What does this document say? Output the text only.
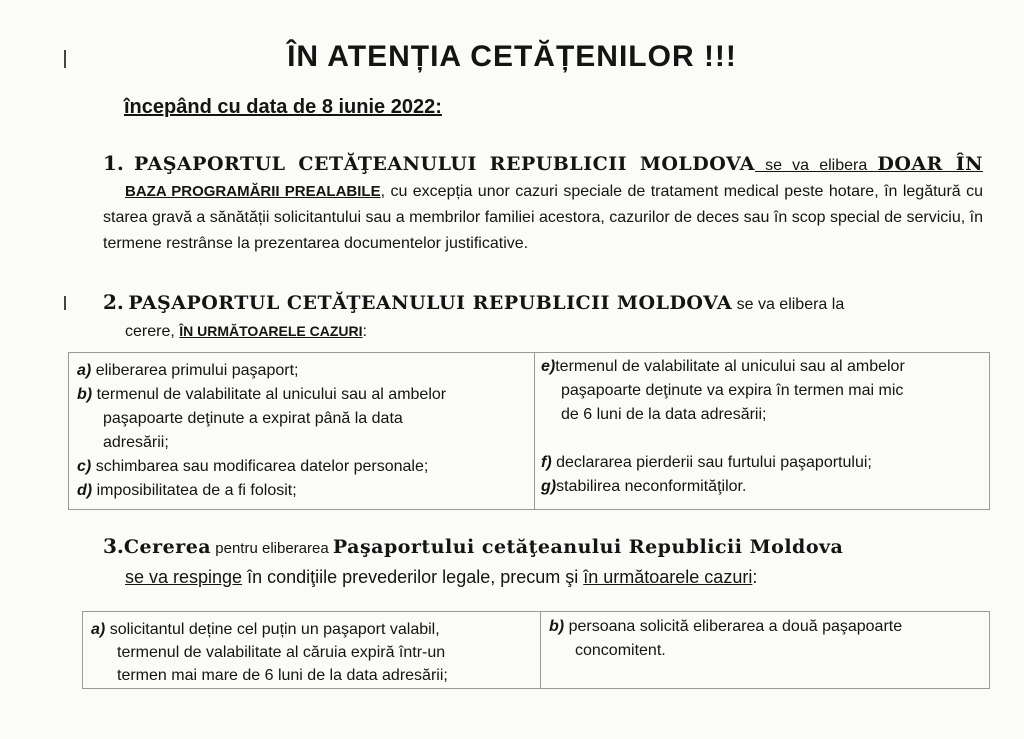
ÎN ATENȚIA CETĂȚENILOR !!!
începând cu data de 8 iunie 2022:
1. PAŞAPORTUL CETĂŢEANULUI REPUBLICII MOLDOVA se va elibera DOAR ÎN BAZA PROGRAMĂRII PREALABILE, cu excepția unor cazuri speciale de tratament medical peste hotare, în legătură cu starea gravă a sănătății solicitantului sau a membrilor familiei acestora, cazurilor de deces sau în scop special de serviciu, în termene restrânse la prezentarea documentelor justificative.
2. PAŞAPORTUL CETĂŢEANULUI REPUBLICII MOLDOVA se va elibera la
cerere, ÎN URMĂTOARELE CAZURI:
a) eliberarea primului paşaport;
b) termenul de valabilitate al unicului sau al ambelor
paşapoarte deţinute a expirat până la data
adresării;
c) schimbarea sau modificarea datelor personale;
d) imposibilitatea de a fi folosit;
e)termenul de valabilitate al unicului sau al ambelor
paşapoarte deţinute va expira în termen mai mic
de 6 luni de la data adresării;
f) declararea pierderii sau furtului paşaportului;
g)stabilirea neconformităţilor.
3.Cererea pentru eliberarea Paşaportului cetăţeanului Republicii Moldova
se va respinge în condiţiile prevederilor legale, precum şi în următoarele cazuri:
a) solicitantul deține cel puțin un paşaport valabil,
termenul de valabilitate al căruia expiră într-un
termen mai mare de 6 luni de la data adresării;
b) persoana solicită eliberarea a două paşapoarte
concomitent.
